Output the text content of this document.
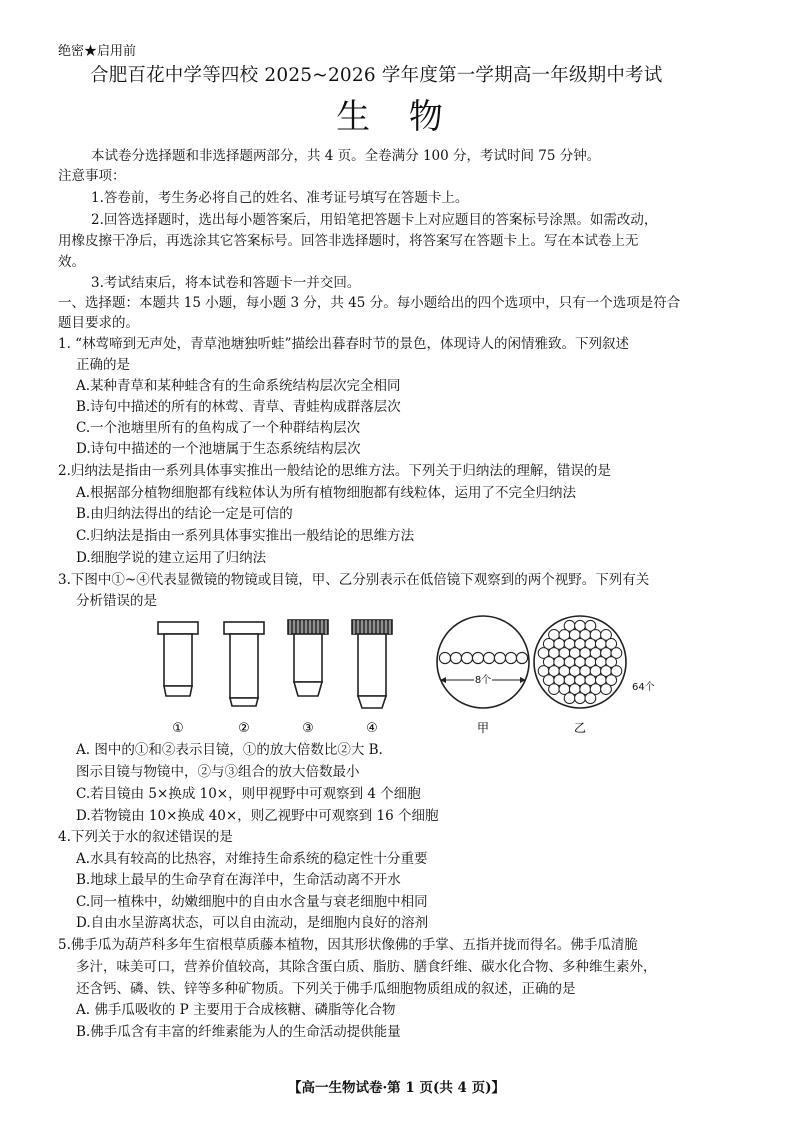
绝密★启用前
合肥百花中学等四校 2025~2026 学年度第一学期高一年级期中考试
生 物
本试卷分选择题和非选择题两部分，共 4 页。全卷满分 100 分，考试时间 75 分钟。
注意事项：
1.答卷前，考生务必将自己的姓名、准考证号填写在答题卡上。
2.回答选择题时，选出每小题答案后，用铅笔把答题卡上对应题目的答案标号涂黑。如需改动，
用橡皮擦干净后，再选涂其它答案标号。回答非选择题时，将答案写在答题卡上。写在本试卷上无
效。
3.考试结束后，将本试卷和答题卡一并交回。
一、选择题：本题共 15 小题，每小题 3 分，共 45 分。每小题给出的四个选项中，只有一个选项是符合
题目要求的。
1. “林莺啼到无声处，青草池塘独听蛙”描绘出暮春时节的景色，体现诗人的闲情雅致。下列叙述
正确的是
A.某种青草和某种蛙含有的生命系统结构层次完全相同
B.诗句中描述的所有的林莺、青草、青蛙构成群落层次
C.一个池塘里所有的鱼构成了一个种群结构层次
D.诗句中描述的一个池塘属于生态系统结构层次
2.归纳法是指由一系列具体事实推出一般结论的思维方法。下列关于归纳法的理解，错误的是
A.根据部分植物细胞都有线粒体认为所有植物细胞都有线粒体，运用了不完全归纳法
B.由归纳法得出的结论一定是可信的
C.归纳法是指由一系列具体事实推出一般结论的思维方法
D.细胞学说的建立运用了归纳法
3.下图中①~④代表显微镜的物镜或目镜，甲、乙分别表示在低倍镜下观察到的两个视野。下列有关
分析错误的是
8个
64个
①	②	③	④	甲	乙
A. 图中的①和②表示目镜，①的放大倍数比②大 B.
图示目镜与物镜中，②与③组合的放大倍数最小
C.若目镜由 5×换成 10×，则甲视野中可观察到 4 个细胞
D.若物镜由 10×换成 40×，则乙视野中可观察到 16 个细胞
4.下列关于水的叙述错误的是
A.水具有较高的比热容，对维持生命系统的稳定性十分重要
B.地球上最早的生命孕育在海洋中，生命活动离不开水
C.同一植株中，幼嫩细胞中的自由水含量与衰老细胞中相同
D.自由水呈游离状态，可以自由流动，是细胞内良好的溶剂
5.佛手瓜为葫芦科多年生宿根草质藤本植物，因其形状像佛的手掌、五指并拢而得名。佛手瓜清脆
多汁，味美可口，营养价值较高，其除含蛋白质、脂肪、膳食纤维、碳水化合物、多种维生素外，
还含钙、磷、铁、锌等多种矿物质。下列关于佛手瓜细胞物质组成的叙述，正确的是
A. 佛手瓜吸收的 P 主要用于合成核糖、磷脂等化合物
B.佛手瓜含有丰富的纤维素能为人的生命活动提供能量
【高一生物试卷·第 1 页(共 4 页)】
